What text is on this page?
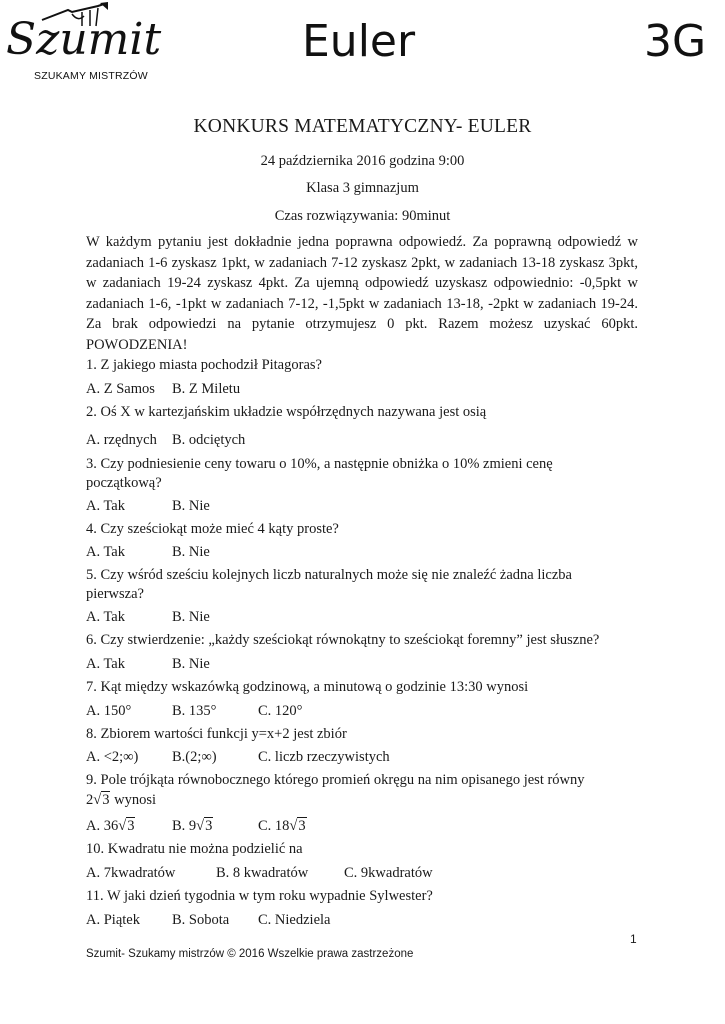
Szumit
SZUKAMY MISTRZÓW
Euler	3G
KONKURS MATEMATYCZNY- EULER
24 października 2016 godzina 9:00
Klasa 3 gimnazjum
Czas rozwiązywania: 90minut
W każdym pytaniu jest dokładnie jedna poprawna odpowiedź. Za poprawną odpowiedź w zadaniach 1-6 zyskasz 1pkt, w zadaniach 7-12 zyskasz 2pkt, w zadaniach 13-18 zyskasz 3pkt, w zadaniach 19-24 zyskasz 4pkt. Za ujemną odpowiedź uzyskasz odpowiednio: -0,5pkt w zadaniach 1-6, -1pkt w zadaniach 7-12, -1,5pkt w zadaniach 13-18, -2pkt w zadaniach 19-24. Za brak odpowiedzi na pytanie otrzymujesz 0 pkt. Razem możesz uzyskać 60pkt. POWODZENIA!
1. Z jakiego miasta pochodził Pitagoras?
A. Z Samos B. Z Miletu
2. Oś X w kartezjańskim układzie współrzędnych nazywana jest osią
A. rzędnych B. odciętych
3. Czy podniesienie ceny towaru o 10%, a następnie obniżka o 10% zmieni cenę
początkową?
A. Tak	B. Nie
4. Czy sześciokąt może mieć 4 kąty proste?
A. Tak	B. Nie
5. Czy wśród sześciu kolejnych liczb naturalnych może się nie znaleźć żadna liczba
pierwsza?
A. Tak	B. Nie
6. Czy stwierdzenie: „każdy sześciokąt równokątny to sześciokąt foremny” jest słuszne?
A. Tak	B. Nie
7. Kąt między wskazówką godzinową, a minutową o godzinie 13:30 wynosi
A. 150°	B. 135°	C. 120°
8. Zbiorem wartości funkcji y=x+2 jest zbiór
A. <2;∞) B.(2;∞)	C. liczb rzeczywistych
9. Pole trójkąta równobocznego którego promień okręgu na nim opisanego jest równy
2√3 wynosi
A. 36√3	B. 9√3	C. 18√3
10. Kwadratu nie można podzielić na
A. 7kwadratów	B. 8 kwadratów C. 9kwadratów
11. W jaki dzień tygodnia w tym roku wypadnie Sylwester?
A. Piątek B. Sobota C. Niedziela
1
Szumit- Szukamy mistrzów © 2016 Wszelkie prawa zastrzeżone
